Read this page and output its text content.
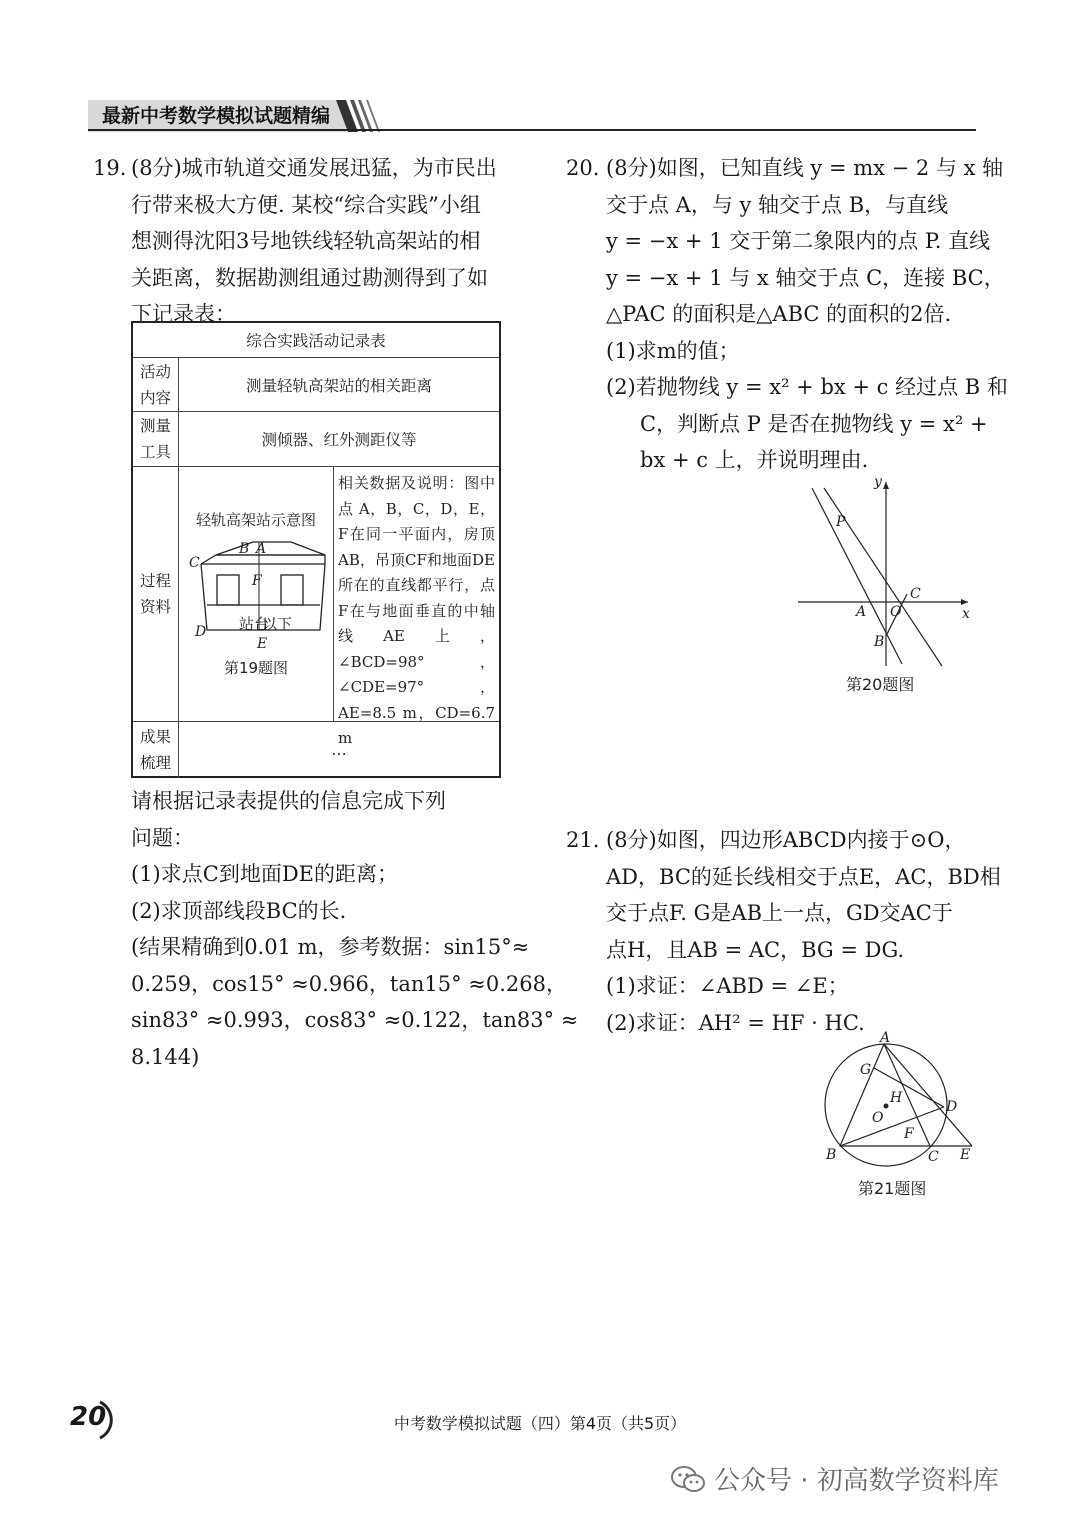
最新中考数学模拟试题精编
19. (8分)城市轨道交通发展迅猛，为市民出

行带来极大方便. 某校“综合实践”小组

想测得沈阳3号地铁线轻轨高架站的相

关距离，数据勘测组通过勘测得到了如

下记录表：

综合实践活动记录表
活动
内容
测量轻轨高架站的相关距离
测量
工具
测倾器、红外测距仪等
过程
资料
轻轨高架站示意图
站台
以下
B A
C
F
D
E
第19题图
相关数据及说明：图中点 A，B，C，D，E，F在同一平面内，房顶AB，吊顶CF和地面DE所在的直线都平行，点F在与地面垂直的中轴线AE上，∠BCD=98°，∠CDE=97°，AE=8.5 m，CD=6.7 m
成果
梳理
…

请根据记录表提供的信息完成下列

问题：

(1)求点C到地面DE的距离；

(2)求顶部线段BC的长.

(结果精确到0.01 m，参考数据：sin15°≈

0.259，cos15° ≈0.966，tan15° ≈0.268，

sin83° ≈0.993，cos83° ≈0.122，tan83° ≈

8.144)

20. (8分)如图，已知直线 y = mx − 2 与 x 轴

交于点 A，与 y 轴交于点 B，与直线

y = −x + 1 交于第二象限内的点 P. 直线

y = −x + 1 与 x 轴交于点 C，连接 BC，

△PAC 的面积是△ABC 的面积的2倍.

(1)求m的值；

(2)若抛物线 y = x² + bx + c 经过点 B 和

C，判断点 P 是否在抛物线 y = x² +

bx + c 上，并说明理由.

y
x
P
C
A O
B
第20题图
21. (8分)如图，四边形ABCD内接于⊙O，

AD，BC的延长线相交于点E，AC，BD相

交于点F. G是AB上一点，GD交AC于

点H，且AB = AC，BG = DG.

(1)求证：∠ABD = ∠E；

(2)求证：AH² = HF · HC.

A
G
H
D
O
F
B	C E
第21题图
20	中考数学模拟试题（四）第4页（共5页）
公众号 · 初高数学资料库
